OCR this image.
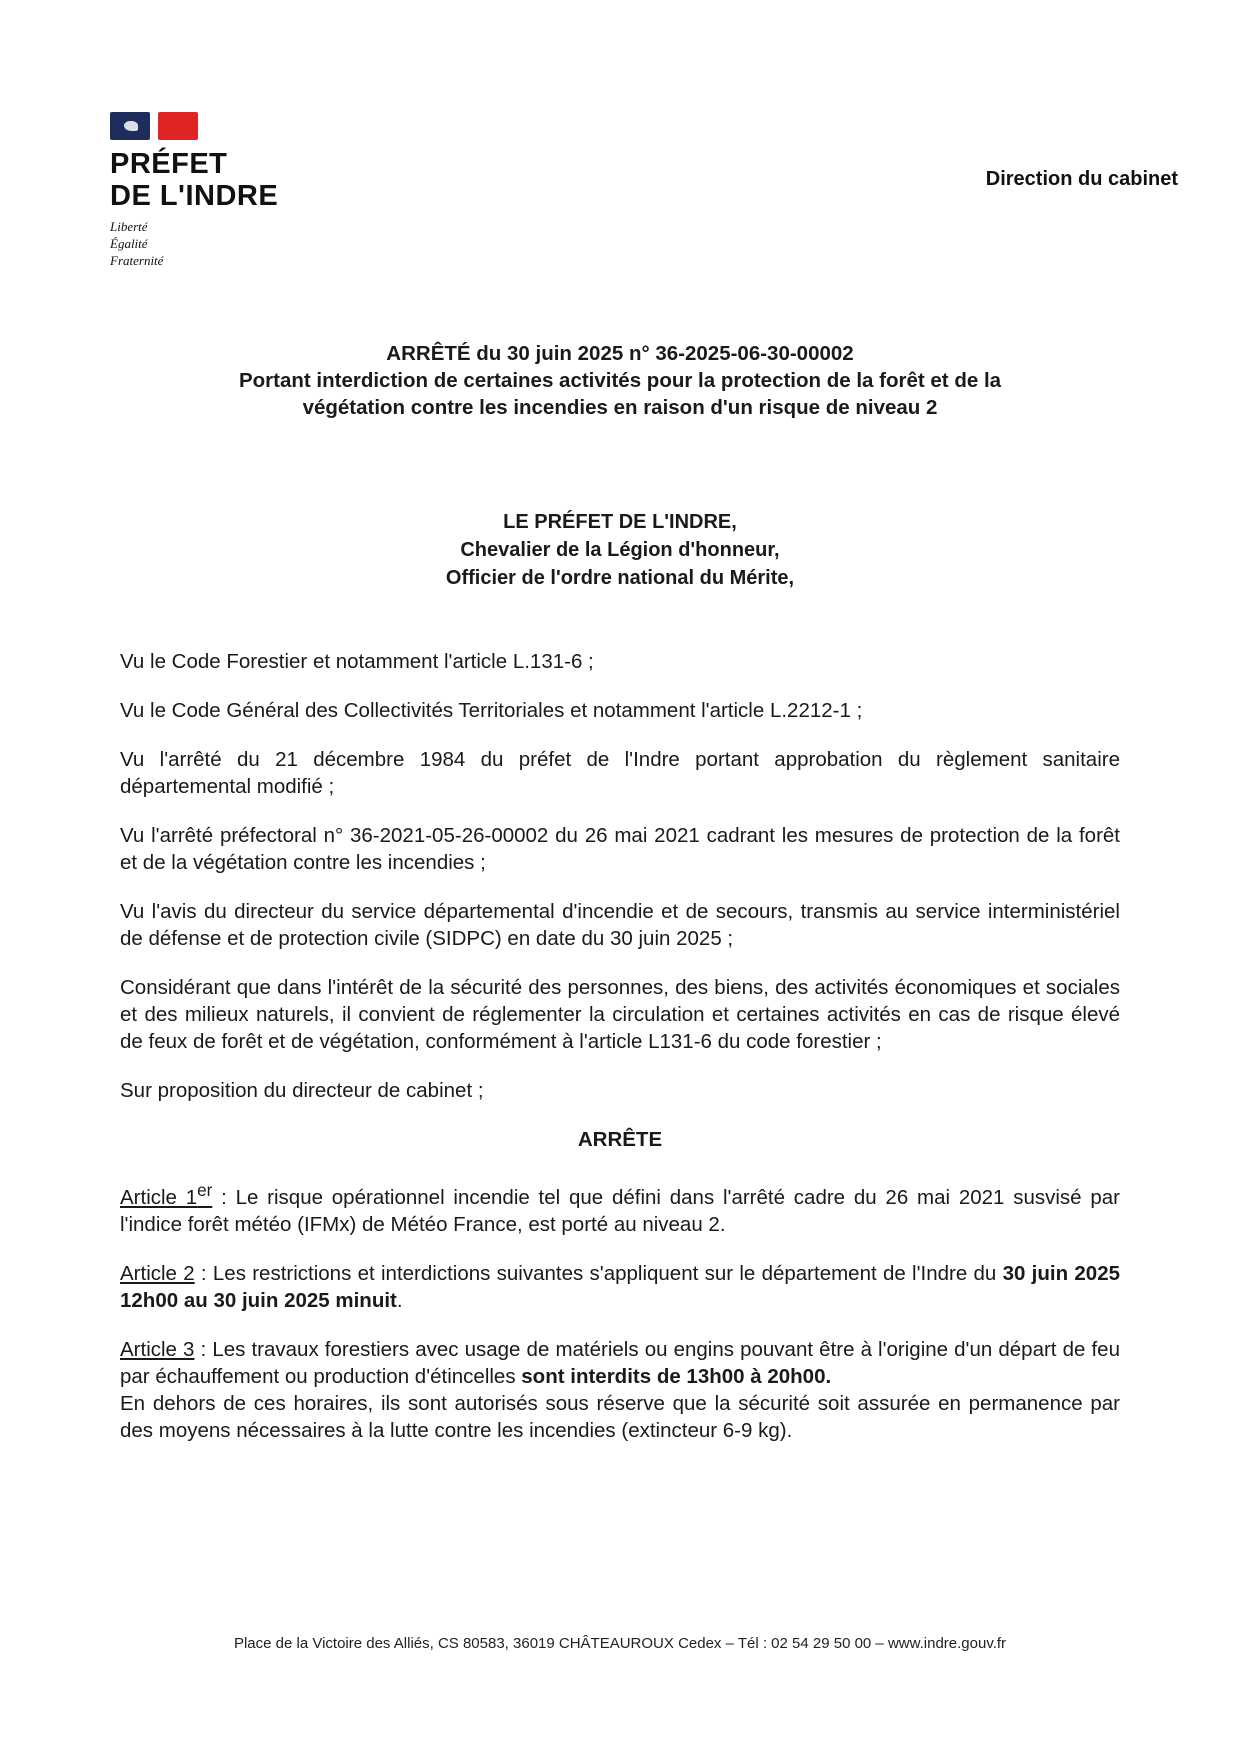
PRÉFET
DE L'INDRE
Liberté
Égalité
Fraternité
Direction du cabinet
ARRÊTÉ du 30 juin 2025 n° 36-2025-06-30-00002
Portant interdiction de certaines activités pour la protection de la forêt et de la
végétation contre les incendies en raison d'un risque de niveau 2
LE PRÉFET DE L'INDRE,
Chevalier de la Légion d'honneur,
Officier de l'ordre national du Mérite,

Vu le Code Forestier et notamment l'article L.131-6 ;

Vu le Code Général des Collectivités Territoriales et notamment l'article L.2212-1 ;

Vu l'arrêté du 21 décembre 1984 du préfet de l'Indre portant approbation du règlement sanitaire départemental modifié ;

Vu l'arrêté préfectoral n° 36-2021-05-26-00002 du 26 mai 2021 cadrant les mesures de protection de la forêt et de la végétation contre les incendies ;

Vu l'avis du directeur du service départemental d'incendie et de secours, transmis au service interministériel de défense et de protection civile (SIDPC) en date du 30 juin 2025 ;

Considérant que dans l'intérêt de la sécurité des personnes, des biens, des activités économiques et sociales et des milieux naturels, il convient de réglementer la circulation et certaines activités en cas de risque élevé de feux de forêt et de végétation, conformément à l'article L131-6 du code forestier ;

Sur proposition du directeur de cabinet ;

ARRÊTE

Article 1er : Le risque opérationnel incendie tel que défini dans l'arrêté cadre du 26 mai 2021 susvisé par l'indice forêt météo (IFMx) de Météo France, est porté au niveau 2.

Article 2 : Les restrictions et interdictions suivantes s'appliquent sur le département de l'Indre du 30 juin 2025 12h00 au 30 juin 2025 minuit.

Article 3 : Les travaux forestiers avec usage de matériels ou engins pouvant être à l'origine d'un départ de feu par échauffement ou production d'étincelles sont interdits de 13h00 à 20h00.
En dehors de ces horaires, ils sont autorisés sous réserve que la sécurité soit assurée en permanence par des moyens nécessaires à la lutte contre les incendies (extincteur 6-9 kg).

Place de la Victoire des Alliés, CS 80583, 36019 CHÂTEAUROUX Cedex – Tél : 02 54 29 50 00 – www.indre.gouv.fr
